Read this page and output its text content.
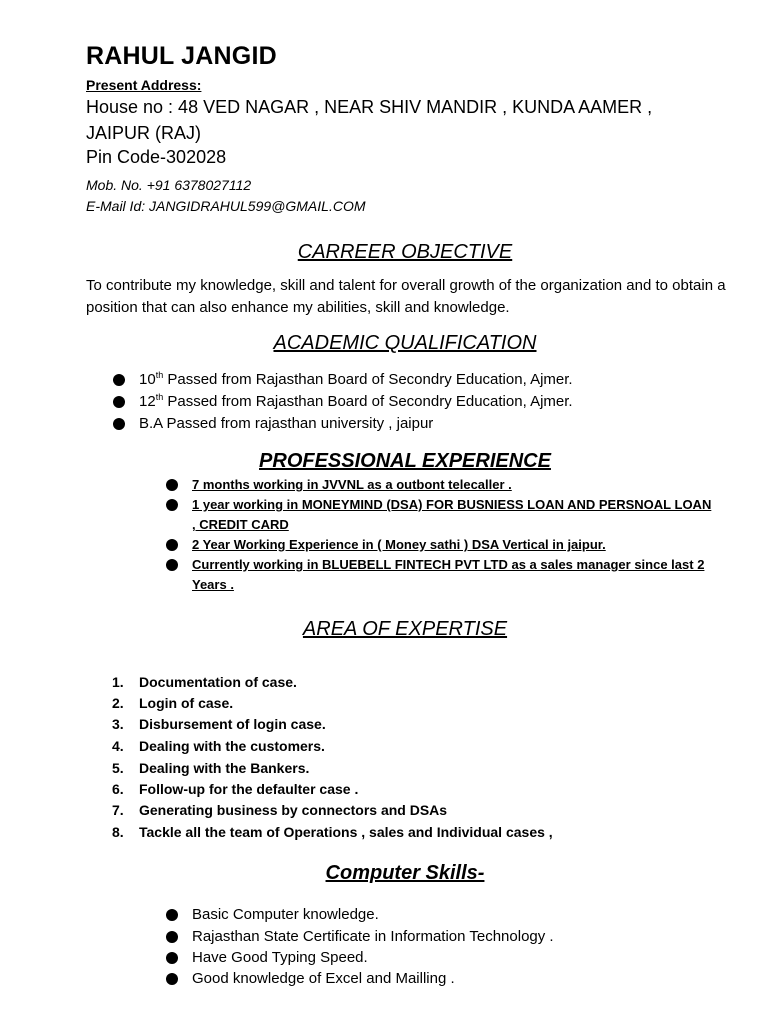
RAHUL JANGID
Present Address:
House no : 48 VED NAGAR , NEAR SHIV MANDIR , KUNDA AAMER ,
JAIPUR (RAJ)
Pin Code-302028
Mob. No. +91 6378027112
E-Mail Id: JANGIDRAHUL599@GMAIL.COM
CARREER OBJECTIVE
To contribute my knowledge, skill and talent for overall growth of the organization and to obtain a position that can also enhance my abilities, skill and knowledge.
ACADEMIC QUALIFICATION
10th Passed from Rajasthan Board of Secondry Education, Ajmer.
12th Passed from Rajasthan Board of Secondry Education, Ajmer.
B.A Passed from rajasthan university , jaipur
PROFESSIONAL EXPERIENCE
7 months working in JVVNL as a outbont telecaller .
1 year working in MONEYMIND (DSA) FOR BUSNIESS LOAN AND PERSNOAL LOAN , CREDIT CARD
2 Year Working Experience in ( Money sathi ) DSA Vertical in jaipur.
Currently working in BLUEBELL FINTECH PVT LTD as a sales manager since last 2 Years .
AREA OF EXPERTISE
1.	Documentation of case.
2.	Login of case.
3.	Disbursement of login case.
4.	Dealing with the customers.
5.	Dealing with the Bankers.
6.	Follow-up for the defaulter case .
7.	Generating business by connectors and DSAs
8.	Tackle all the team of Operations , sales and Individual cases ,
Computer Skills-
Basic Computer knowledge.
Rajasthan State Certificate in Information Technology .
Have Good Typing Speed.
Good knowledge of Excel and Mailling .
